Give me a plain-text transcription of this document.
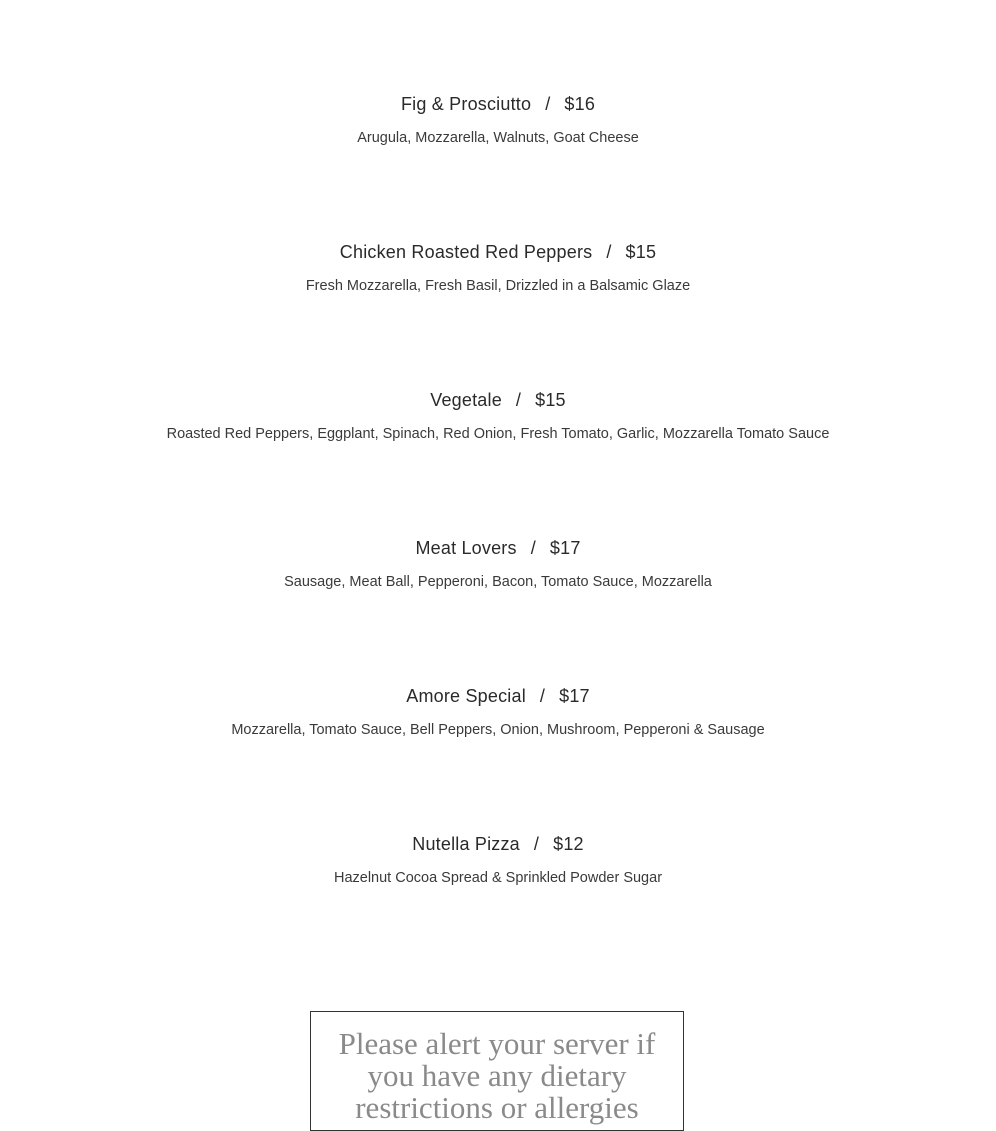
Fig & Prosciutto / $16
Arugula, Mozzarella, Walnuts, Goat Cheese
Chicken Roasted Red Peppers / $15
Fresh Mozzarella, Fresh Basil, Drizzled in a Balsamic Glaze
Vegetale / $15
Roasted Red Peppers, Eggplant, Spinach, Red Onion, Fresh Tomato, Garlic, Mozzarella Tomato Sauce
Meat Lovers / $17
Sausage, Meat Ball, Pepperoni, Bacon, Tomato Sauce, Mozzarella
Amore Special / $17
Mozzarella, Tomato Sauce, Bell Peppers, Onion, Mushroom, Pepperoni & Sausage
Nutella Pizza / $12
Hazelnut Cocoa Spread & Sprinkled Powder Sugar
Please alert your server if you have any dietary restrictions or allergies
